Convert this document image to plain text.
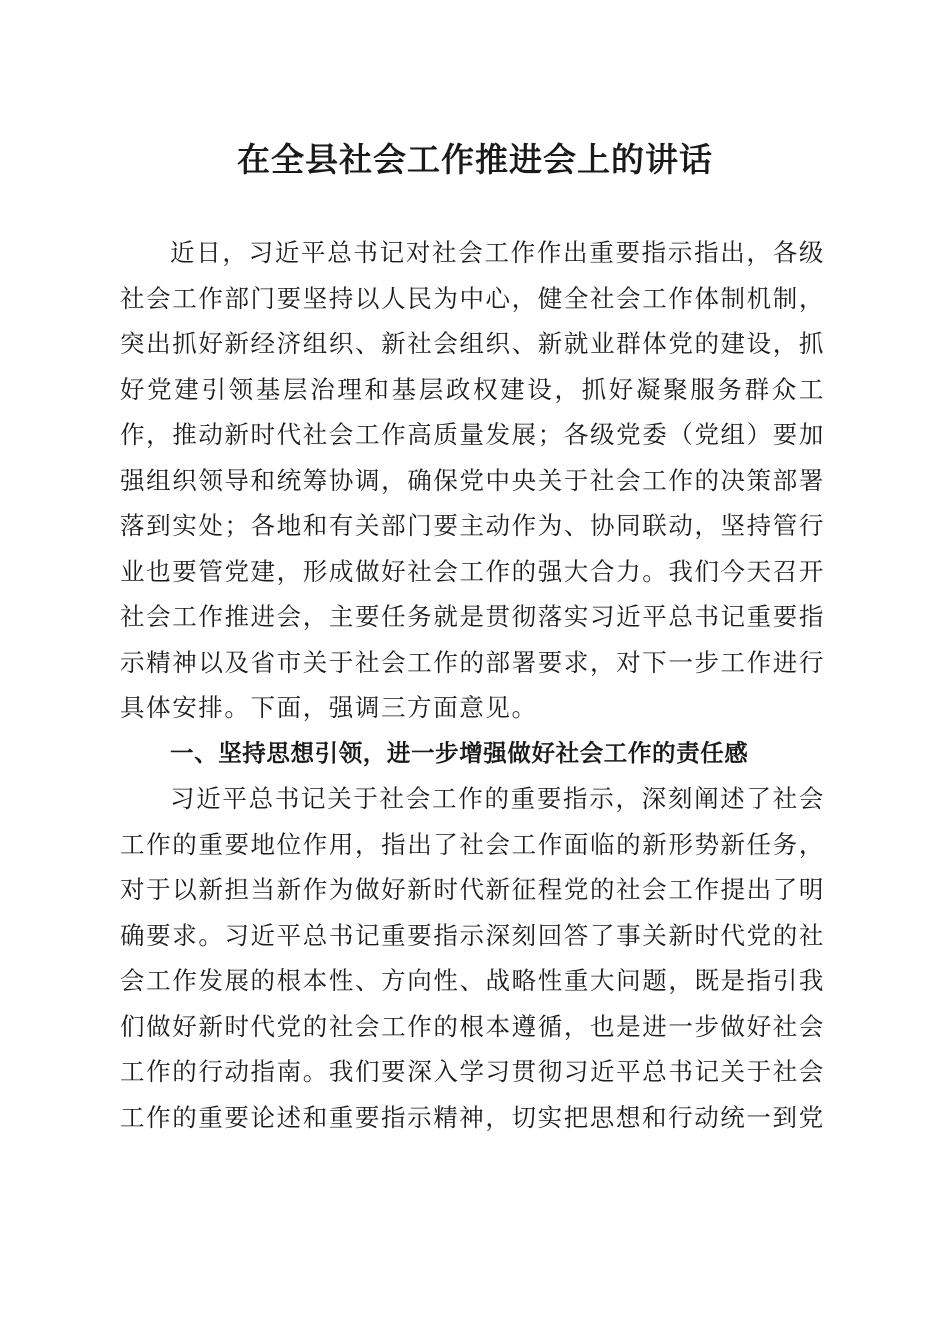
在全县社会工作推进会上的讲话

近日，习近平总书记对社会工作作出重要指示指出，各级社会工作部门要坚持以人民为中心，健全社会工作体制机制，突出抓好新经济组织、新社会组织、新就业群体党的建设，抓好党建引领基层治理和基层政权建设，抓好凝聚服务群众工作，推动新时代社会工作高质量发展；各级党委（党组）要加强组织领导和统筹协调，确保党中央关于社会工作的决策部署落到实处；各地和有关部门要主动作为、协同联动，坚持管行业也要管党建，形成做好社会工作的强大合力。我们今天召开社会工作推进会，主要任务就是贯彻落实习近平总书记重要指示精神以及省市关于社会工作的部署要求，对下一步工作进行具体安排。下面，强调三方面意见。

一、坚持思想引领，进一步增强做好社会工作的责任感

习近平总书记关于社会工作的重要指示，深刻阐述了社会工作的重要地位作用，指出了社会工作面临的新形势新任务，对于以新担当新作为做好新时代新征程党的社会工作提出了明确要求。习近平总书记重要指示深刻回答了事关新时代党的社会工作发展的根本性、方向性、战略性重大问题，既是指引我们做好新时代党的社会工作的根本遵循，也是进一步做好社会工作的行动指南。我们要深入学习贯彻习近平总书记关于社会工作的重要论述和重要指示精神，切实把思想和行动统一到党
